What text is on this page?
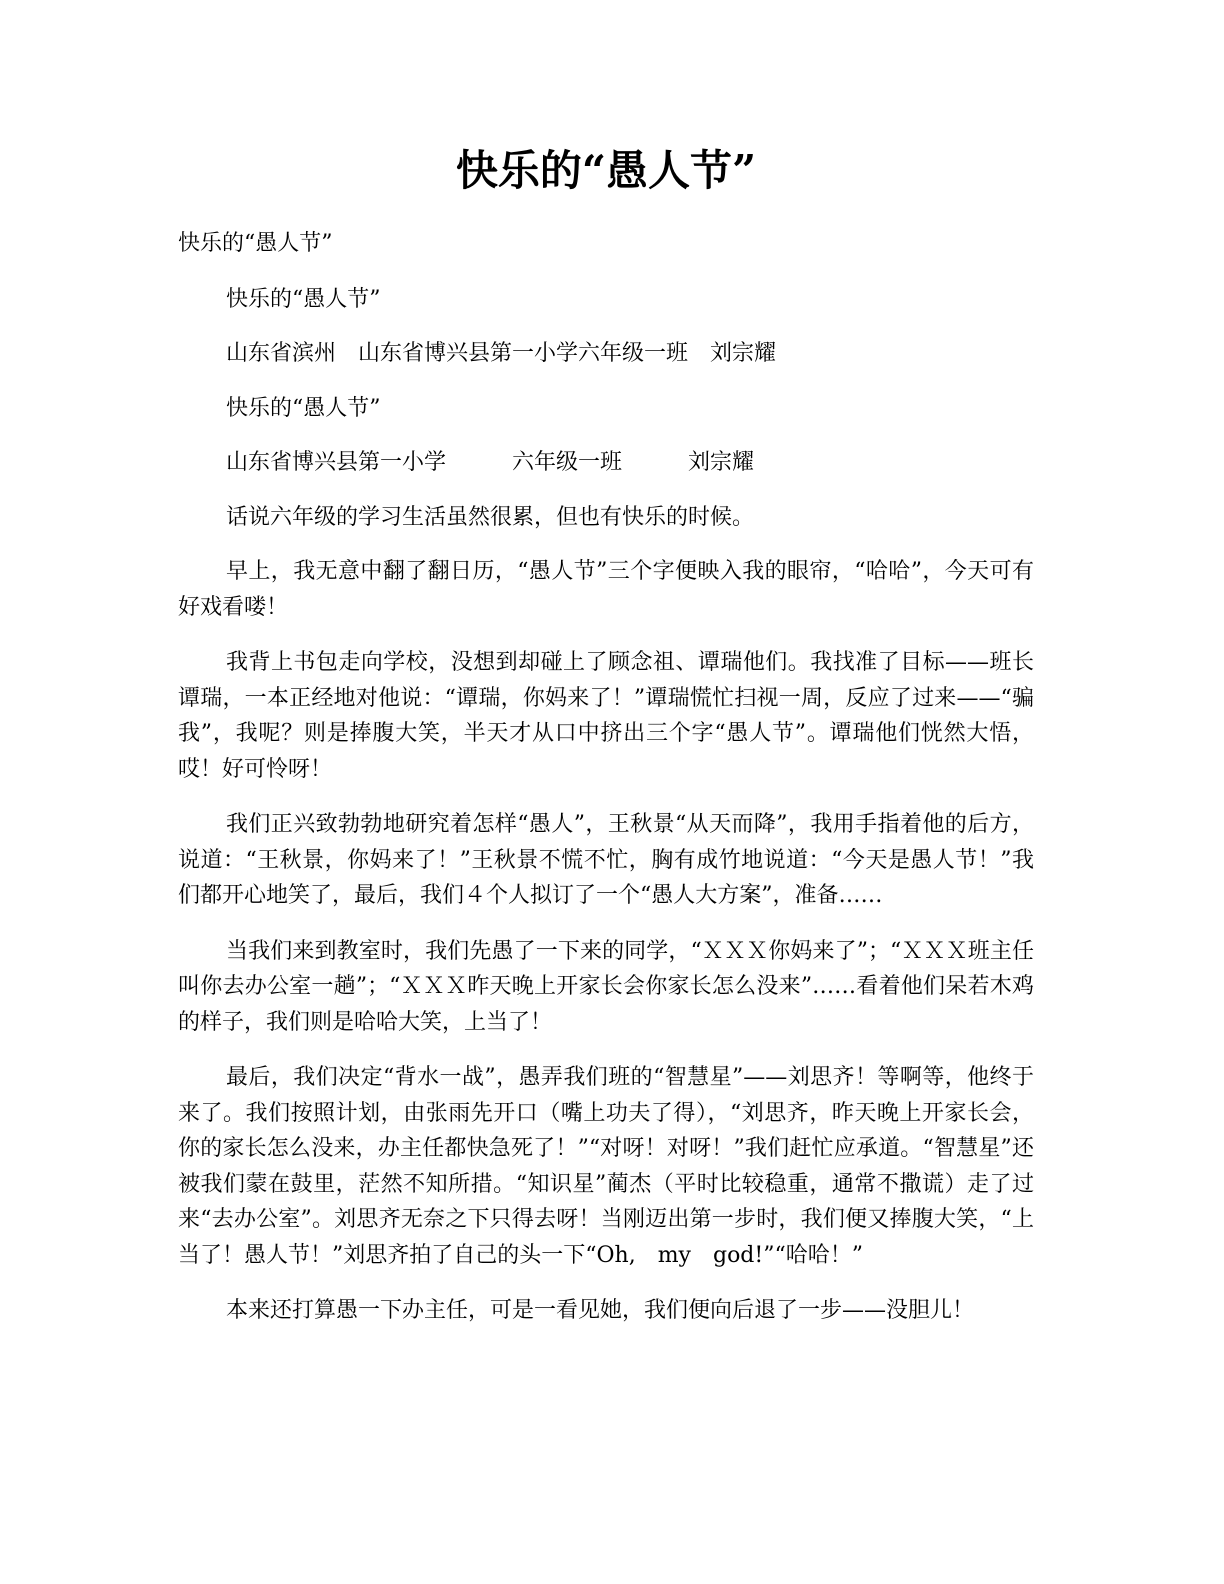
快乐的“愚人节”

快乐的“愚人节”

快乐的“愚人节”

山东省滨州　山东省博兴县第一小学六年级一班　刘宗耀

快乐的“愚人节”

山东省博兴县第一小学　　　六年级一班　　　刘宗耀

话说六年级的学习生活虽然很累，但也有快乐的时候。

早上，我无意中翻了翻日历，“愚人节”三个字便映入我的眼帘，“哈哈”，今天可有好戏看喽！

我背上书包走向学校，没想到却碰上了顾念祖、谭瑞他们。我找准了目标——班长谭瑞，一本正经地对他说：“谭瑞，你妈来了！”谭瑞慌忙扫视一周，反应了过来——“骗我”，我呢？则是捧腹大笑，半天才从口中挤出三个字“愚人节”。谭瑞他们恍然大悟，哎！好可怜呀！

我们正兴致勃勃地研究着怎样“愚人”，王秋景“从天而降”，我用手指着他的后方，说道：“王秋景，你妈来了！”王秋景不慌不忙，胸有成竹地说道：“今天是愚人节！”我们都开心地笑了，最后，我们４个人拟订了一个“愚人大方案”，准备……

当我们来到教室时，我们先愚了一下来的同学，“ＸＸＸ你妈来了”；“ＸＸＸ班主任叫你去办公室一趟”；“ＸＸＸ昨天晚上开家长会你家长怎么没来”……看着他们呆若木鸡的样子，我们则是哈哈大笑，上当了！

最后，我们决定“背水一战”，愚弄我们班的“智慧星”——刘思齐！等啊等，他终于来了。我们按照计划，由张雨先开口（嘴上功夫了得），“刘思齐，昨天晚上开家长会，你的家长怎么没来，办主任都快急死了！”“对呀！对呀！”我们赶忙应承道。“智慧星”还被我们蒙在鼓里，茫然不知所措。“知识星”蔺杰（平时比较稳重，通常不撒谎）走了过来“去办公室”。刘思齐无奈之下只得去呀！当刚迈出第一步时，我们便又捧腹大笑，“上当了！愚人节！”刘思齐拍了自己的头一下“Oh,　my　god!”“哈哈！”

本来还打算愚一下办主任，可是一看见她，我们便向后退了一步——没胆儿！
